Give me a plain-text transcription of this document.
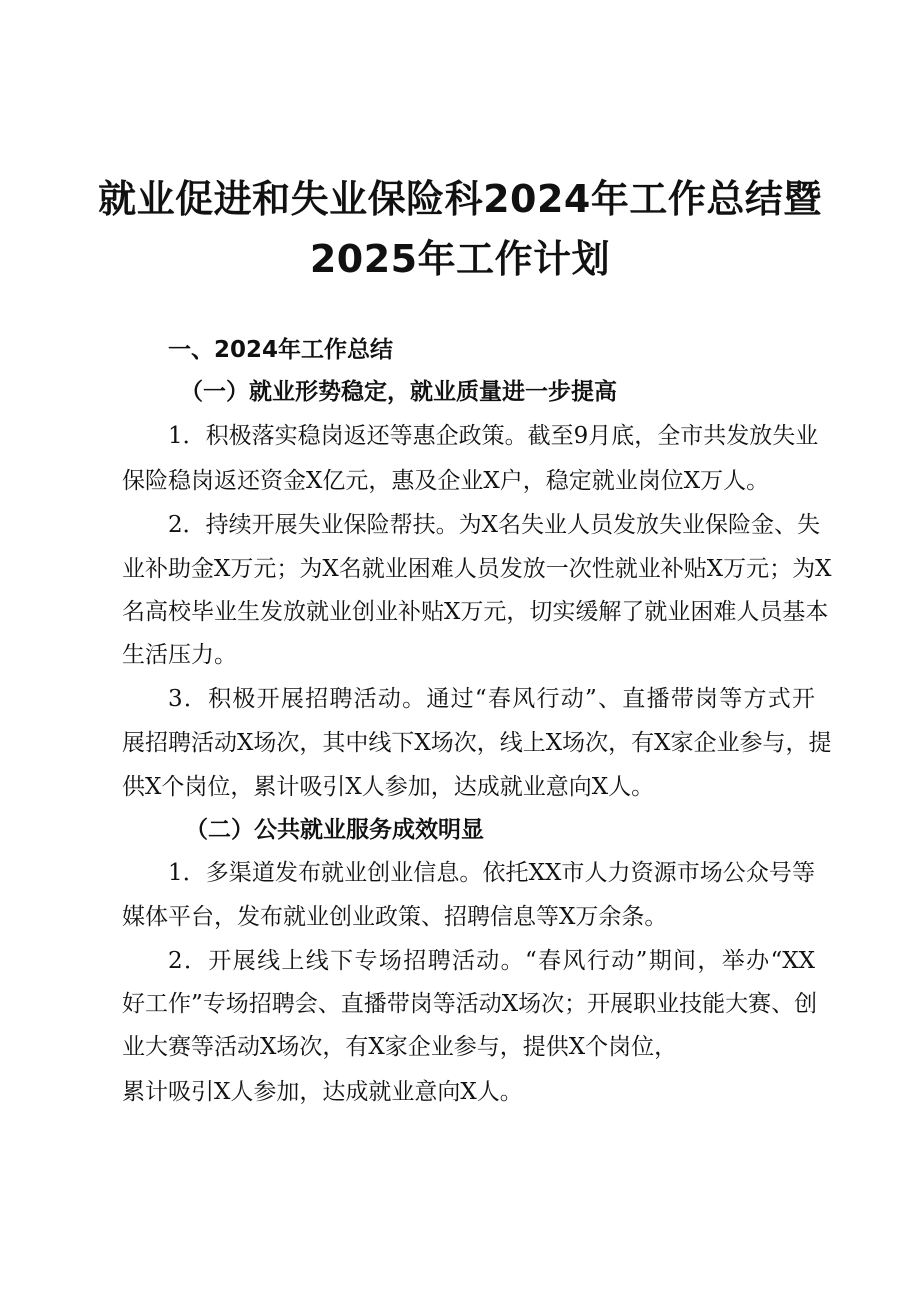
就业促进和失业保险科2024年工作总结暨
2025年工作计划
一、2024年工作总结
（一）就业形势稳定，就业质量进一步提高
1．积极落实稳岗返还等惠企政策。截至9月底，全市共发放失业
保险稳岗返还资金X亿元，惠及企业X户，稳定就业岗位X万人。
2．持续开展失业保险帮扶。为X名失业人员发放失业保险金、失
业补助金X万元；为X名就业困难人员发放一次性就业补贴X万元；为X
名高校毕业生发放就业创业补贴X万元，切实缓解了就业困难人员基本
生活压力。
3．积极开展招聘活动。通过“春风行动”、直播带岗等方式开
展招聘活动X场次，其中线下X场次，线上X场次，有X家企业参与，提
供X个岗位，累计吸引X人参加，达成就业意向X人。
（二）公共就业服务成效明显
1．多渠道发布就业创业信息。依托XX市人力资源市场公众号等
媒体平台，发布就业创业政策、招聘信息等X万余条。
2．开展线上线下专场招聘活动。“春风行动”期间，举办“XX
好工作”专场招聘会、直播带岗等活动X场次；开展职业技能大赛、创
业大赛等活动X场次，有X家企业参与，提供X个岗位，
累计吸引X人参加，达成就业意向X人。
